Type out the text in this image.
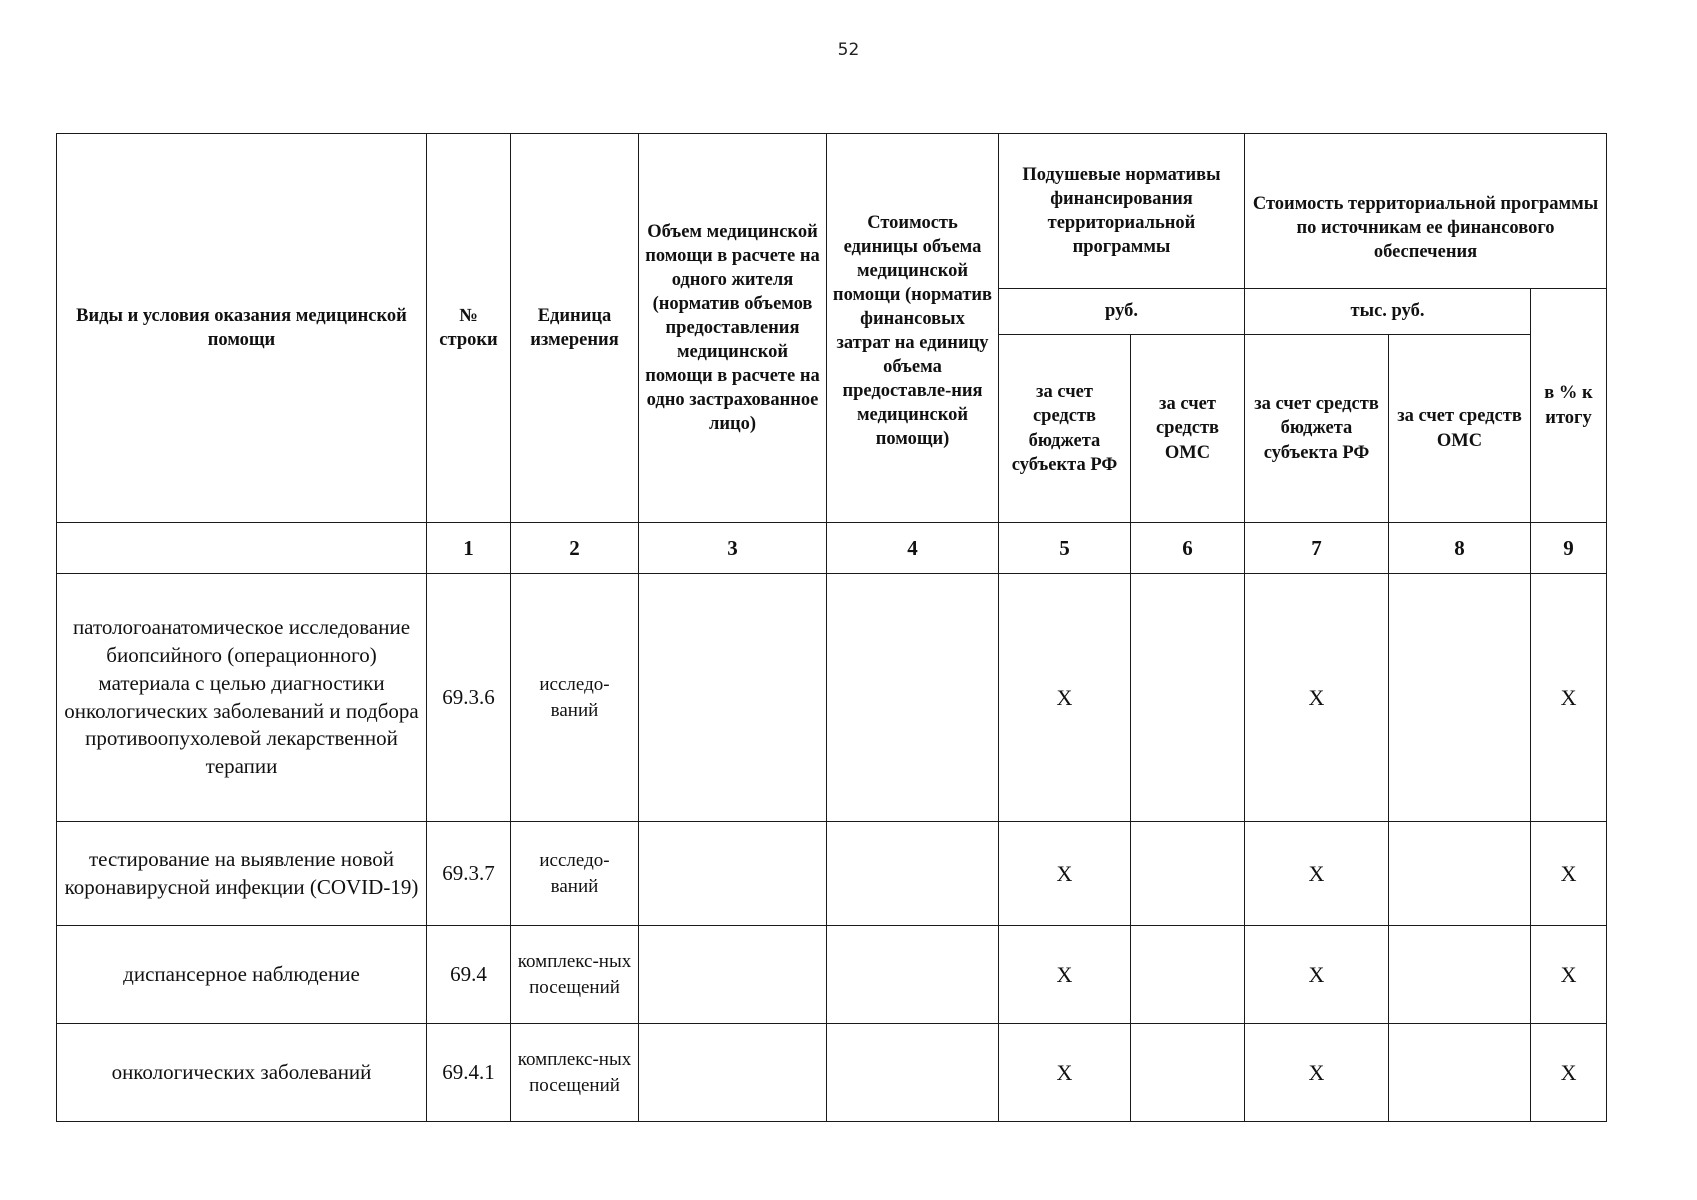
52
Виды и условия оказания медицинской помощи	№ строки	Единица измерения	Объем медицинской помощи в расчете на одного жителя (норматив объемов предоставления медицинской помощи в расчете на одно застрахованное лицо)	Стоимость единицы объема медицинской помощи (норматив финансовых затрат на единицу объема предоставле-ния медицинской помощи)	Подушевые нормативы финансирования территориальной программы		Стоимость территориальной программы по источникам ее финансового обеспечения		
					руб.		тыс. руб.		в % к итогу
					за счет средств бюджета субъекта РФ	за счет средств ОМС	за счет средств бюджета субъекта РФ	за счет средств ОМС	
	1	2	3	4	5	6	7	8	9
патологоанатомическое исследование биопсийного (операционного) материала с целью диагностики онкологических заболеваний и подбора противоопухолевой лекарственной терапии	69.3.6	исследо-ваний			X		X		X
тестирование на выявление новой коронавирусной инфекции (COVID-19)	69.3.7	исследо-ваний			X		X		X
диспансерное наблюдение	69.4	комплекс-ных посещений			X		X		X
онкологических заболеваний	69.4.1	комплекс-ных посещений			X		X		X
